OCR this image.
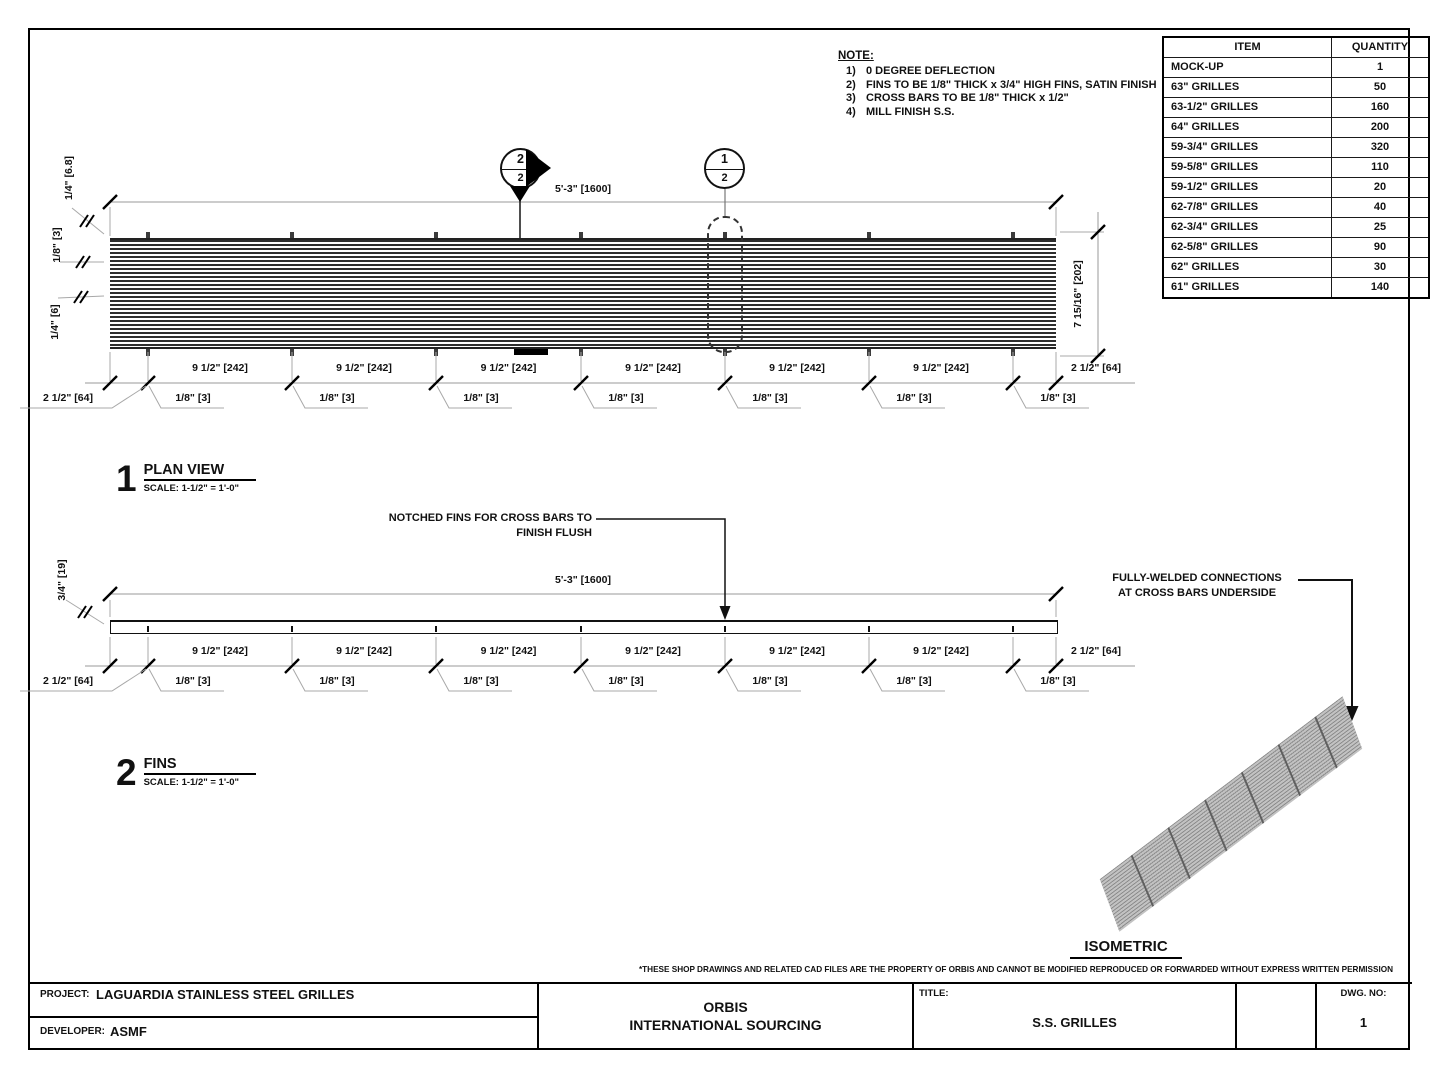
ITEM	QUANTITY
MOCK-UP	1
63" GRILLES	50
63-1/2" GRILLES	160
64" GRILLES	200
59-3/4" GRILLES	320
59-5/8" GRILLES	110
59-1/2" GRILLES	20
62-7/8" GRILLES	40
62-3/4" GRILLES	25
62-5/8" GRILLES	90
62" GRILLES	30
61" GRILLES	140
NOTE:
1) 0 DEGREE DEFLECTION
2) FINS TO BE 1/8" THICK x 3/4" HIGH FINS, SATIN FINISH
3) CROSS BARS TO BE 1/8" THICK x 1/2"
4) MILL FINISH S.S.
2
2
1
2
5'-3" [1600]
7 15/16" [202]
1/4" [6.8]
1/8" [3]
1/4" [6]
2 1/2" [64]
2 1/2" [64]
1 PLAN VIEW
SCALE: 1-1/2" = 1'-0"
NOTCHED FINS FOR CROSS BARS TO
FINISH FLUSH
5'-3" [1600]
3/4" [19]
2 1/2" [64]
2 1/2" [64]
2 FINS
SCALE: 1-1/2" = 1'-0"
FULLY-WELDED CONNECTIONS
AT CROSS BARS UNDERSIDE
ISOMETRIC
*THESE SHOP DRAWINGS AND RELATED CAD FILES ARE THE PROPERTY OF ORBIS AND CANNOT BE MODIFIED REPRODUCED OR FORWARDED WITHOUT EXPRESS WRITTEN PERMISSION
PROJECT: LAGUARDIA STAINLESS STEEL GRILLES
DEVELOPER: ASMF
ORBIS
INTERNATIONAL SOURCING
TITLE:
S.S. GRILLES
DWG. NO:
1
9 1/2" [242]	9 1/2" [242]	9 1/2" [242]	9 1/2" [242]	9 1/2" [242]	9 1/2" [242]
1/8" [3]	1/8" [3]	1/8" [3]	1/8" [3]	1/8" [3]	1/8" [3]	1/8" [3]
9 1/2" [242]	9 1/2" [242]	9 1/2" [242]	9 1/2" [242]	9 1/2" [242]	9 1/2" [242]
1/8" [3]	1/8" [3]	1/8" [3]	1/8" [3]	1/8" [3]	1/8" [3]	1/8" [3]
